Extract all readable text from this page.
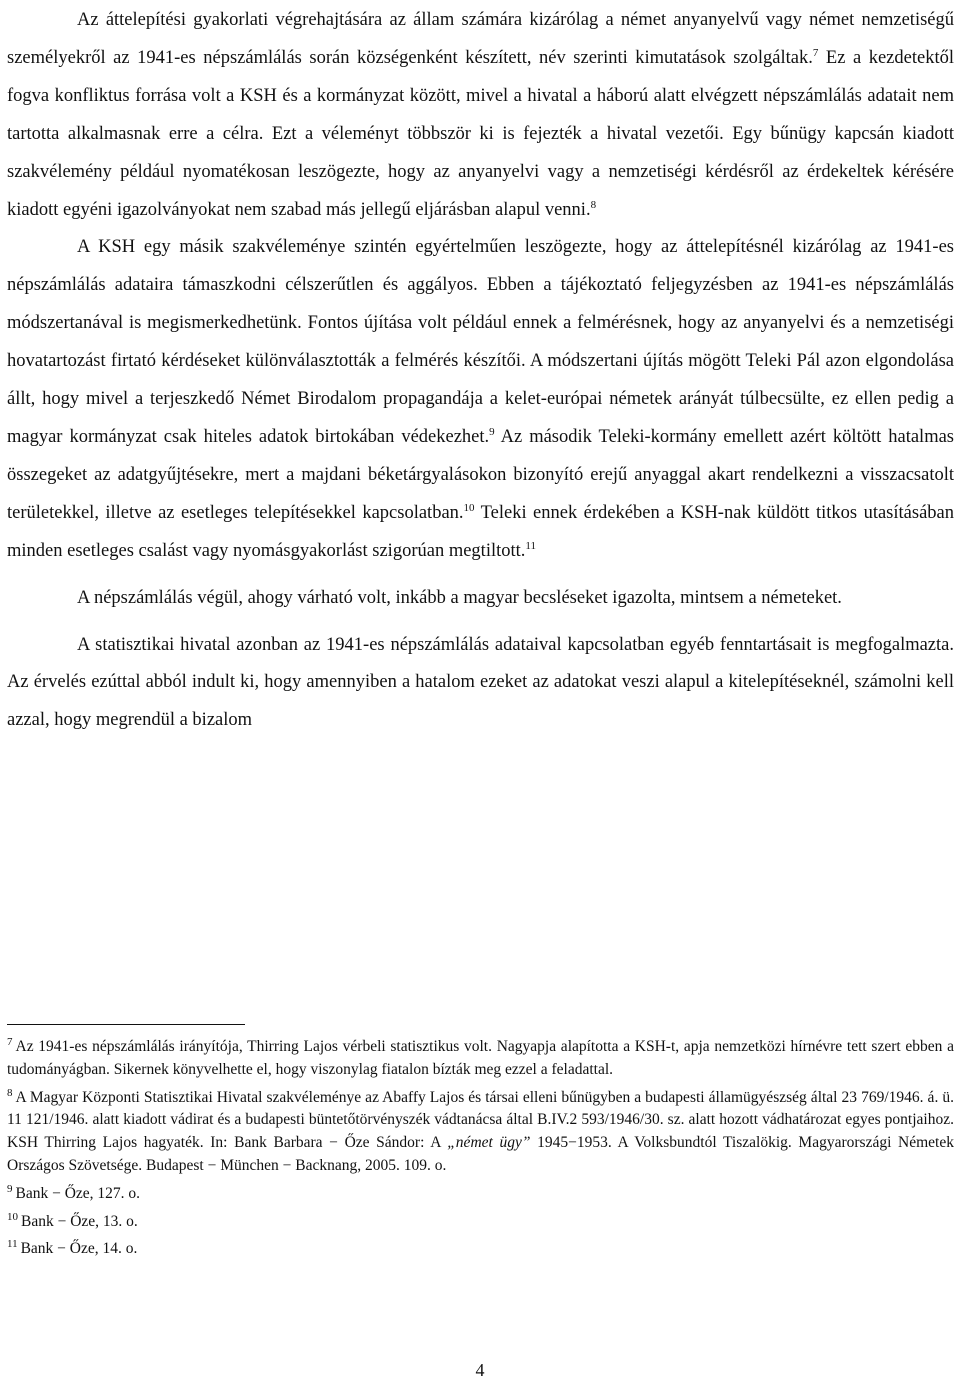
Az áttelepítési gyakorlati végrehajtására az állam számára kizárólag a német anyanyelvű vagy német nemzetiségű személyekről az 1941-es népszámlálás során községenként készített, név szerinti kimutatások szolgáltak.$^7$ Ez a kezdetektől fogva konfliktus forrása volt a KSH és a kormányzat között, mivel a hivatal a háború alatt elvégzett népszámlálás adatait nem tartotta alkalmasnak erre a célra. Ezt a véleményt többször ki is fejezték a hivatal vezetői. Egy bűnügy kapcsán kiadott szakvélemény például nyomatékosan leszögezte, hogy az anyanyelvi vagy a nemzetiségi kérdésről az érdekeltek kérésére kiadott egyéni igazolványokat nem szabad más jellegű eljárásban alapul venni.$^8$

A KSH egy másik szakvéleménye szintén egyértelműen leszögezte, hogy az áttelepítésnél kizárólag az 1941-es népszámlálás adataira támaszkodni célszerűtlen és aggályos. Ebben a tájékoztató feljegyzésben az 1941-es népszámlálás módszertanával is megismerkedhetünk. Fontos újítása volt például ennek a felmérésnek, hogy az anyanyelvi és a nemzetiségi hovatartozást firtató kérdéseket különválasztották a felmérés készítői. A módszertani újítás mögött Teleki Pál azon elgondolása állt, hogy mivel a terjeszkedő Német Birodalom propagandája a kelet-európai németek arányát túlbecsülte, ez ellen pedig a magyar kormányzat csak hiteles adatok birtokában védekezhet.$^9$ Az második Teleki-kormány emellett azért költött hatalmas összegeket az adatgyűjtésekre, mert a majdani béketárgyalásokon bizonyító erejű anyaggal akart rendelkezni a visszacsatolt területekkel, illetve az esetleges telepítésekkel kapcsolatban.$^{10}$ Teleki ennek érdekében a KSH-nak küldött titkos utasításában minden esetleges csalást vagy nyomásgyakorlást szigorúan megtiltott.$^{11}$

A népszámlálás végül, ahogy várható volt, inkább a magyar becsléseket igazolta, mintsem a németeket.

A statisztikai hivatal azonban az 1941-es népszámlálás adataival kapcsolatban egyéb fenntartásait is megfogalmazta. Az érvelés ezúttal abból indult ki, hogy amennyiben a hatalom ezeket az adatokat veszi alapul a kitelepítéseknél, számolni kell azzal, hogy megrendül a bizalom

$^7$ Az 1941-es népszámlálás irányítója, Thirring Lajos vérbeli statisztikus volt. Nagyapja alapította a KSH-t, apja nemzetközi hírnévre tett szert ebben a tudományágban. Sikernek könyvelhette el, hogy viszonylag fiatalon bízták meg ezzel a feladattal.

$^8$ A Magyar Központi Statisztikai Hivatal szakvéleménye az Abaffy Lajos és társai elleni bűnügyben a budapesti államügyészség által 23 769/1946. á. ü. 11 121/1946. alatt kiadott vádirat és a budapesti büntetőtörvényszék vádtanácsa által B.IV.2 593/1946/30. sz. alatt hozott vádhatározat egyes pontjaihoz. KSH Thirring Lajos hagyaték. In: Bank Barbara − Őze Sándor: A „német ügy” 1945−1953. A Volksbundtól Tiszalökig. Magyarországi Németek Országos Szövetsége. Budapest − München − Backnang, 2005. 109. o.

$^9$ Bank − Őze, 127. o.

$^{10}$ Bank − Őze, 13. o.

$^{11}$ Bank − Őze, 14. o.

4
